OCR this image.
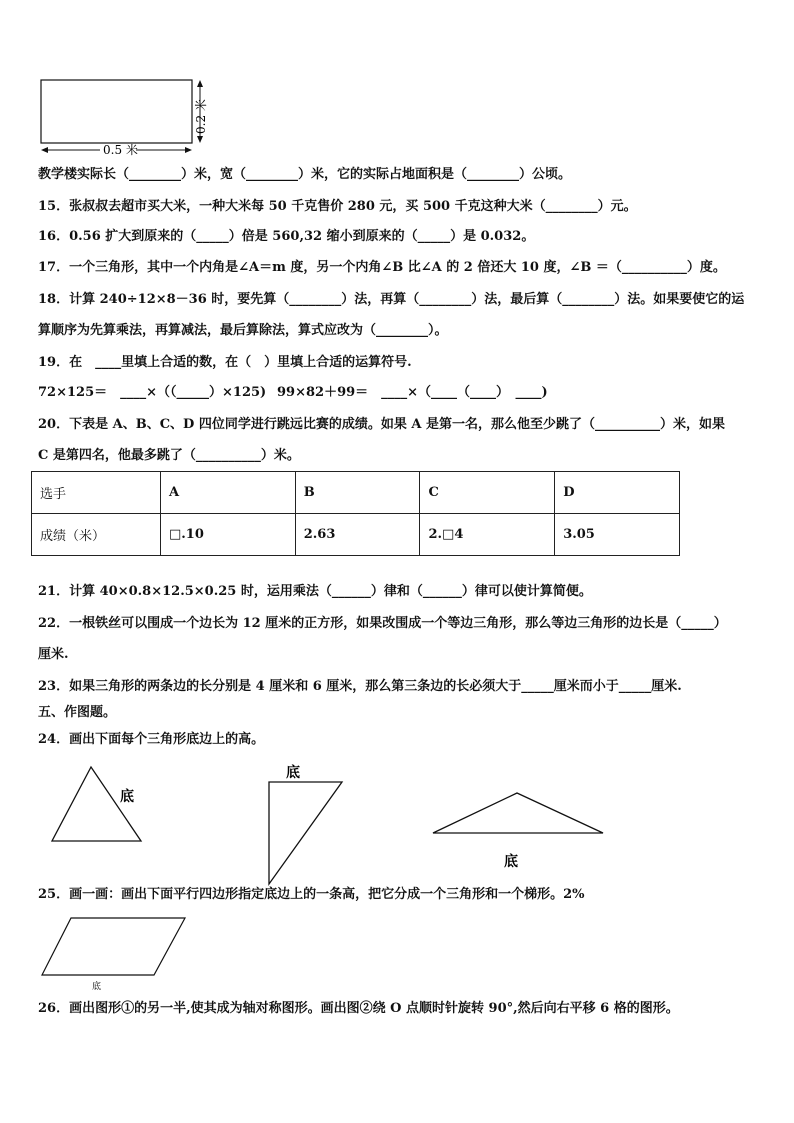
0.5 米
0.2 米
教学楼实际长（________）米，宽（________）米，它的实际占地面积是（________）公顷。
15．张叔叔去超市买大米，一种大米每 50 千克售价 280 元，买 500 千克这种大米（________）元。
16．0.56 扩大到原来的（_____）倍是 560,32 缩小到原来的（_____）是 0.032。
17．一个三角形，其中一个内角是∠A＝m 度，另一个内角∠B 比∠A 的 2 倍还大 10 度，∠B ＝（__________）度。
18．计算 240÷12×8－36 时，要先算（________）法，再算（________）法，最后算（________）法。如果要使它的运
算顺序为先算乘法，再算减法，最后算除法，算式应改为（________）。
19．在　____里填上合适的数，在（　）里填上合适的运算符号.
72×125＝　____×（（_____）×125) 99×82＋99＝　____×（____（____）　____)
20．下表是 A、B、C、D 四位同学进行跳远比赛的成绩。如果 A 是第一名，那么他至少跳了（__________）米，如果
C 是第四名，他最多跳了（__________）米。
选手	A	B	C	D
成绩（米）	□.10	2.63	2.□4	3.05
21．计算 40×0.8×12.5×0.25 时，运用乘法（______）律和（______）律可以使计算简便。
22．一根铁丝可以围成一个边长为 12 厘米的正方形，如果改围成一个等边三角形，那么等边三角形的边长是（_____）
厘米.
23．如果三角形的两条边的长分别是 4 厘米和 6 厘米，那么第三条边的长必须大于_____厘米而小于_____厘米.
五、作图题。
24．画出下面每个三角形底边上的高。
底
底
底
25．画一画：画出下面平行四边形指定底边上的一条高，把它分成一个三角形和一个梯形。2%
底
26．画出图形①的另一半,使其成为轴对称图形。画出图②绕 O 点顺时针旋转 90°,然后向右平移 6 格的图形。
